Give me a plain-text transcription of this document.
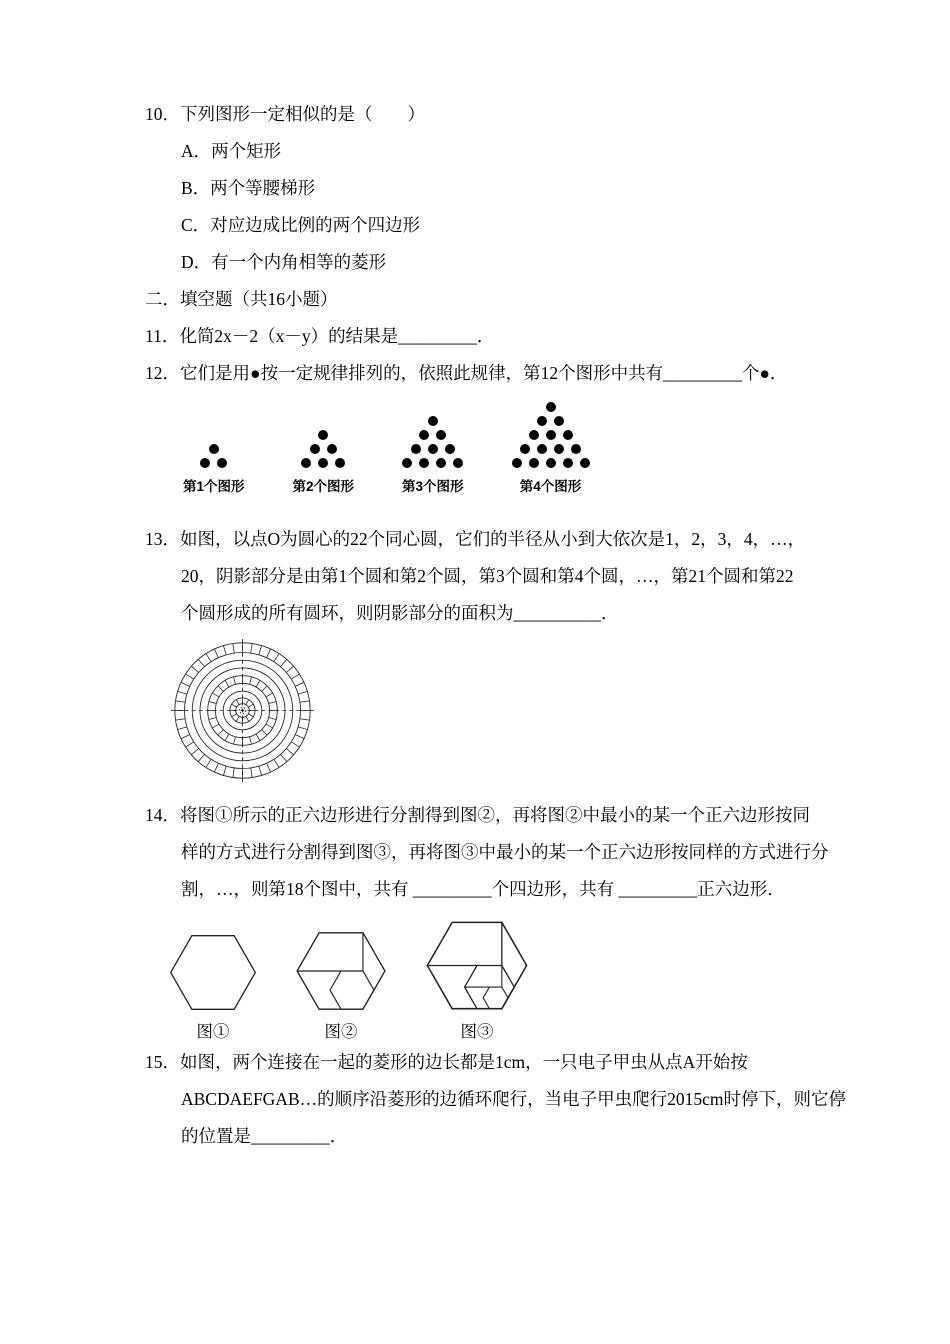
10．下列图形一定相似的是（　　）
A．两个矩形
B．两个等腰梯形
C．对应边成比例的两个四边形
D．有一个内角相等的菱形
二．填空题（共16小题）
11．化简2x－2（x－y）的结果是_________．
12．它们是用●按一定规律排列的，依照此规律，第12个图形中共有_________个●．
第1个图形	第2个图形	第3个图形	第4个图形
13．如图，以点O为圆心的22个同心圆，它们的半径从小到大依次是1，2，3，4，…，
20，阴影部分是由第1个圆和第2个圆，第3个圆和第4个圆，…，第21个圆和第22
个圆形成的所有圆环，则阴影部分的面积为__________．
14．将图①所示的正六边形进行分割得到图②，再将图②中最小的某一个正六边形按同
样的方式进行分割得到图③，再将图③中最小的某一个正六边形按同样的方式进行分
割，…，则第18个图中，共有 _________个四边形，共有 _________正六边形．
图①	图②	图③
15．如图，两个连接在一起的菱形的边长都是1cm，一只电子甲虫从点A开始按
ABCDAEFGAB…的顺序沿菱形的边循环爬行，当电子甲虫爬行2015cm时停下，则它停
的位置是_________．
